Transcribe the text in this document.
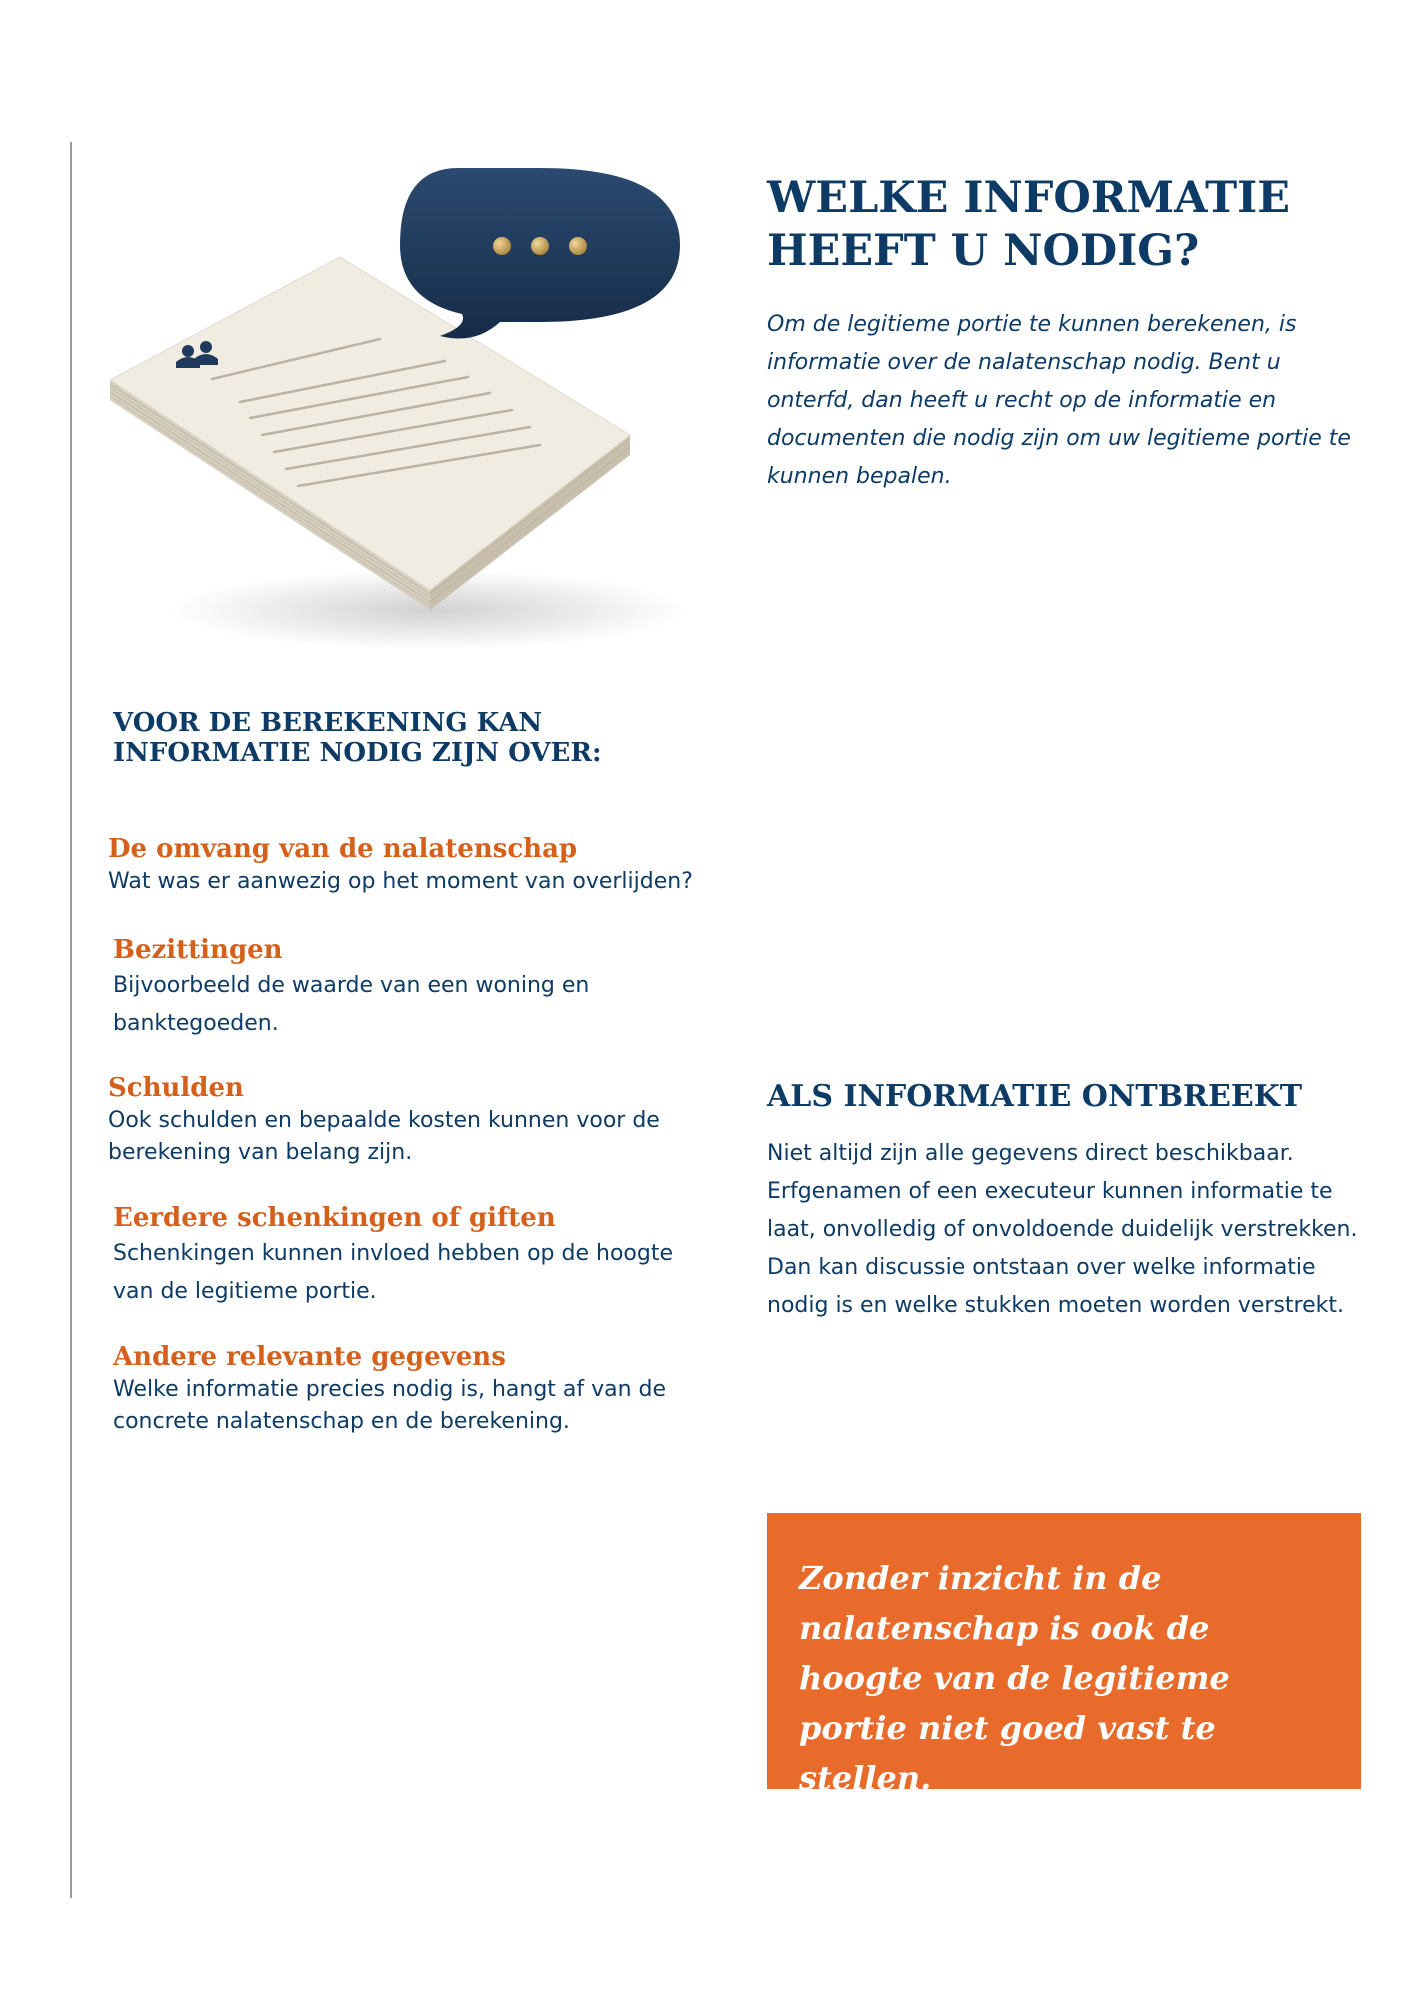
WELKE INFORMATIE HEEFT U NODIG?

Om de legitieme portie te kunnen berekenen, is informatie over de nalatenschap nodig. Bent u onterfd, dan heeft u recht op de informatie en documenten die nodig zijn om uw legitieme portie te kunnen bepalen.

VOOR DE BEREKENING KAN INFORMATIE NODIG ZIJN OVER:
De omvang van de nalatenschap

Wat was er aanwezig op het moment van overlijden?

Bezittingen

Bijvoorbeeld de waarde van een woning en banktegoeden.

Schulden

Ook schulden en bepaalde kosten kunnen voor de berekening van belang zijn.

Eerdere schenkingen of giften

Schenkingen kunnen invloed hebben op de hoogte van de legitieme portie.

Andere relevante gegevens

Welke informatie precies nodig is, hangt af van de concrete nalatenschap en de berekening.

ALS INFORMATIE ONTBREEKT

Niet altijd zijn alle gegevens direct beschikbaar. Erfgenamen of een executeur kunnen informatie te laat, onvolledig of onvoldoende duidelijk verstrekken. Dan kan discussie ontstaan over welke informatie nodig is en welke stukken moeten worden verstrekt.

Zonder inzicht in de nalatenschap is ook de hoogte van de legitieme portie niet goed vast te stellen.
